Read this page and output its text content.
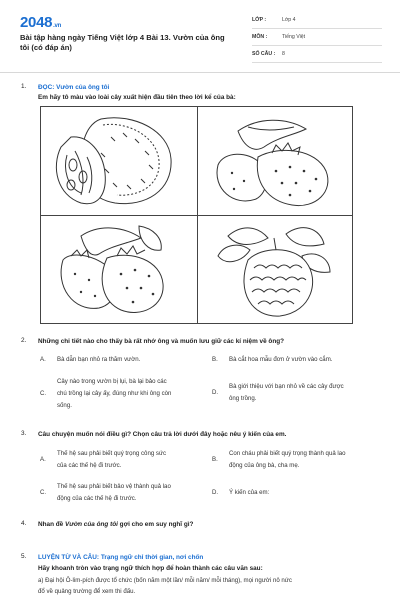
2048.vn
Bài tập hàng ngày Tiếng Việt lớp 4 Bài 13. Vườn của ông tôi (có đáp án)
LỚP :	Lớp 4
MÔN :	Tiếng Việt
SỐ CÂU :	8
1. ĐỌC: Vườn của ông tôi
Em hãy tô màu vào loài cây xuất hiện đầu tiên theo lời kể của bà:
2. Những chi tiết nào cho thấy bà rất nhớ ông và muốn lưu giữ các kí niệm về ông?
A. Bà dẫn bạn nhỏ ra thăm vườn.	B. Bà cắt hoa mẫu đơn ở vườn vào cắm.
C.
Cây nào trong vườn bị lụi, bà lại bảo các
chú trồng lại cây ấy, đúng như khi ông còn
sống.
D.
Bà giới thiệu với bạn nhỏ về các cây được
ông trồng.
3. Câu chuyện muốn nói điều gì? Chọn câu trả lời dưới đây hoặc nêu ý kiến của em.
A.
Thế hệ sau phải biết quý trọng công sức
của các thế hệ đi trước.
B.
Con cháu phải biết quý trọng thành quả lao
động của ông bà, cha mẹ.
C.
Thế hệ sau phải biết bảo vệ thành quả lao
động của các thế hệ đi trước.
D. Ý kiến của em:
4. Nhan đề Vườn của ông tôi gợi cho em suy nghĩ gì?
5. LUYỆN TỪ VÀ CÂU: Trạng ngữ chỉ thời gian, nơi chốn
Hãy khoanh tròn vào trạng ngữ thích hợp để hoàn thành các câu văn sau:
a) Đại hội Ô-lim-pích được tổ chức (bốn năm một lần/ mỗi năm/ mỗi tháng), mọi người nô nức
đổ về quảng trường để xem thi đấu.
